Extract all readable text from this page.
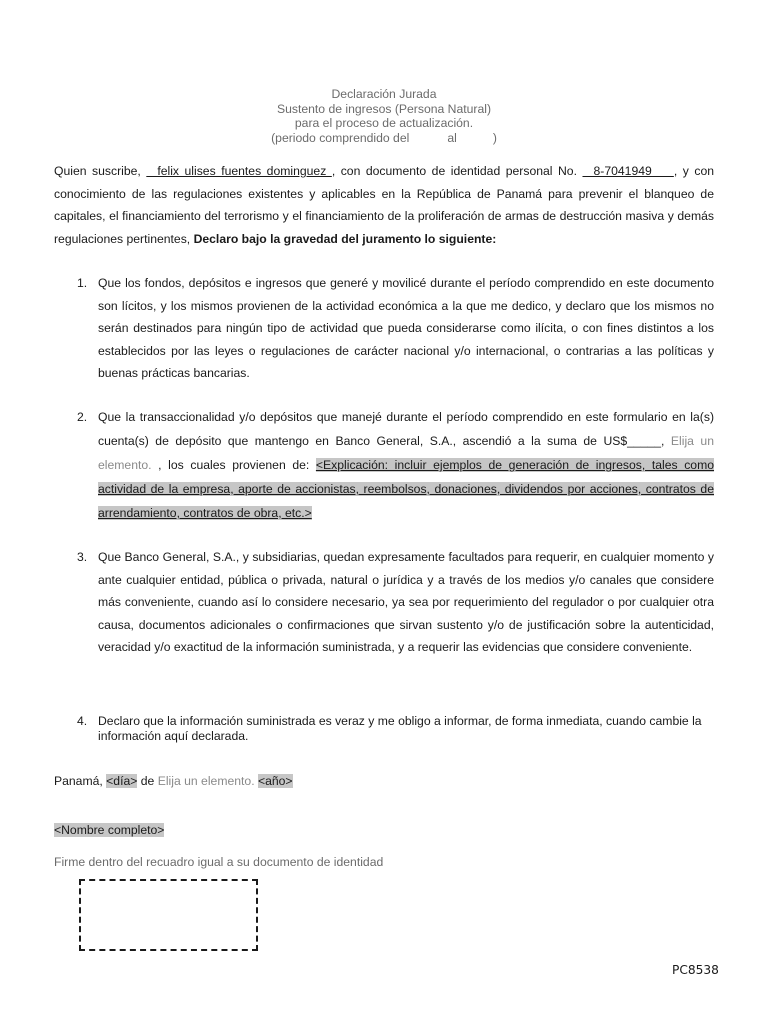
Declaración Jurada
Sustento de ingresos (Persona Natural)
para el proceso de actualización.
(periodo comprendido del	al	)
Quien suscribe,   felix ulises fuentes dominguez , con documento de identidad personal No.   8-7041949    , y con conocimiento de las regulaciones existentes y aplicables en la República de Panamá para prevenir el blanqueo de capitales, el financiamiento del terrorismo y el financiamiento de la proliferación de armas de destrucción masiva y demás regulaciones pertinentes, Declaro bajo la gravedad del juramento lo siguiente:
1. Que los fondos, depósitos e ingresos que generé y movilicé durante el período comprendido en este documento son lícitos, y los mismos provienen de la actividad económica a la que me dedico, y declaro que los mismos no serán destinados para ningún tipo de actividad que pueda considerarse como ilícita, o con fines distintos a los establecidos por las leyes o regulaciones de carácter nacional y/o internacional, o contrarias a las políticas y buenas prácticas bancarias.
2. Que la transaccionalidad y/o depósitos que manejé durante el período comprendido en este formulario en la(s) cuenta(s) de depósito que mantengo en Banco General, S.A., ascendió a la suma de US$_____, Elija un elemento. , los cuales provienen de: <Explicación: incluir ejemplos de generación de ingresos, tales como actividad de la empresa, aporte de accionistas, reembolsos, donaciones, dividendos por acciones, contratos de arrendamiento, contratos de obra, etc.>
3. Que Banco General, S.A., y subsidiarias, quedan expresamente facultados para requerir, en cualquier momento y ante cualquier entidad, pública o privada, natural o jurídica y a través de los medios y/o canales que considere más conveniente, cuando así lo considere necesario, ya sea por requerimiento del regulador o por cualquier otra causa, documentos adicionales o confirmaciones que sirvan sustento y/o de justificación sobre la autenticidad, veracidad y/o exactitud de la información suministrada, y a requerir las evidencias que considere conveniente.
4. Declaro que la información suministrada es veraz y me obligo a informar, de forma inmediata, cuando cambie la información aquí declarada.
Panamá, <día> de Elija un elemento. <año>
<Nombre completo>
Firme dentro del recuadro igual a su documento de identidad
PC8538
